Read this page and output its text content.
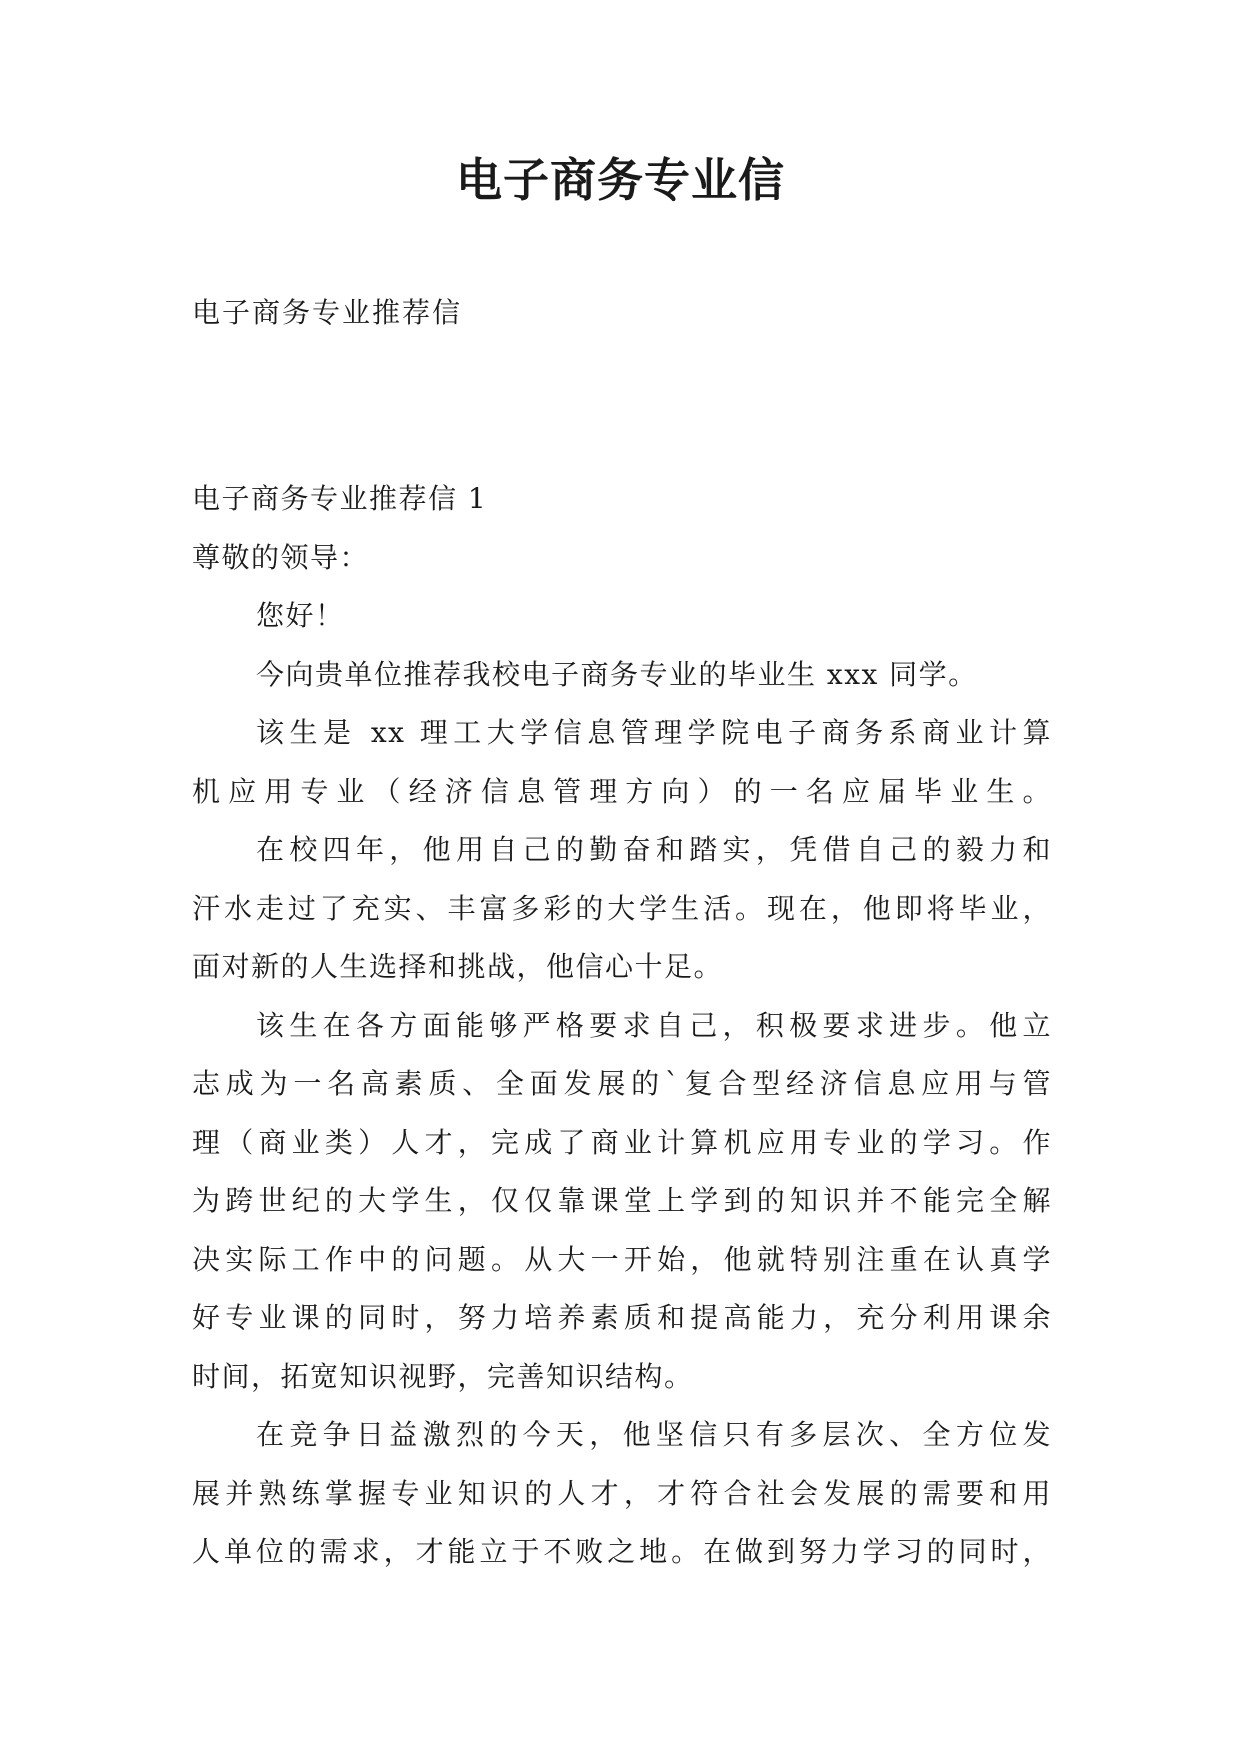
电子商务专业信

电子商务专业推荐信

电子商务专业推荐信 1
尊敬的领导：
您好！
今向贵单位推荐我校电子商务专业的毕业生 xxx 同学。
该生是 xx 理工大学信息管理学院电子商务系商业计算
机应用专业（经济信息管理方向）的一名应届毕业生。
在校四年，他用自己的勤奋和踏实，凭借自己的毅力和
汗水走过了充实、丰富多彩的大学生活。现在，他即将毕业，
面对新的人生选择和挑战，他信心十足。
该生在各方面能够严格要求自己，积极要求进步。他立
志成为一名高素质、全面发展的`复合型经济信息应用与管
理（商业类）人才，完成了商业计算机应用专业的学习。作
为跨世纪的大学生，仅仅靠课堂上学到的知识并不能完全解
决实际工作中的问题。从大一开始，他就特别注重在认真学
好专业课的同时，努力培养素质和提高能力，充分利用课余
时间，拓宽知识视野，完善知识结构。
在竞争日益激烈的今天，他坚信只有多层次、全方位发
展并熟练掌握专业知识的人才，才符合社会发展的需要和用
人单位的需求，才能立于不败之地。在做到努力学习的同时，
